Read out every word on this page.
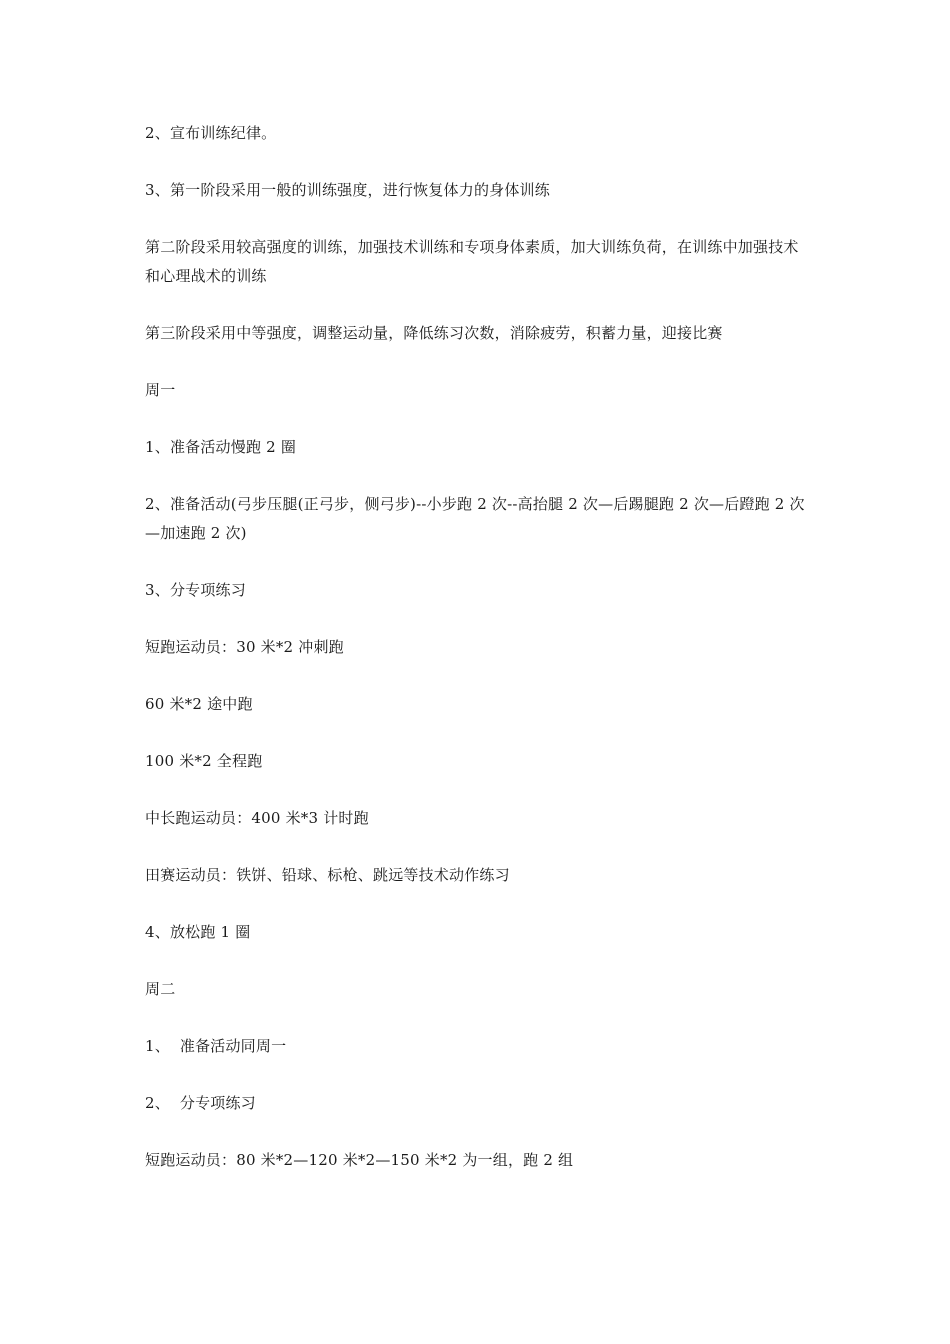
2、宣布训练纪律。

3、第一阶段采用一般的训练强度，进行恢复体力的身体训练

第二阶段采用较高强度的训练，加强技术训练和专项身体素质，加大训练负荷，在训练中加强技术和心理战术的训练

第三阶段采用中等强度，调整运动量，降低练习次数，消除疲劳，积蓄力量，迎接比赛

周一

1、准备活动慢跑 2 圈

2、准备活动(弓步压腿(正弓步，侧弓步)--小步跑 2 次--高抬腿 2 次—后踢腿跑 2 次—后蹬跑 2 次—加速跑 2 次)

3、分专项练习

短跑运动员：30 米*2 冲刺跑

60 米*2 途中跑

100 米*2 全程跑

中长跑运动员：400 米*3 计时跑

田赛运动员：铁饼、铅球、标枪、跳远等技术动作练习

4、放松跑 1 圈

周二

1、  准备活动同周一

2、  分专项练习

短跑运动员：80 米*2—120 米*2—150 米*2 为一组，跑 2 组
